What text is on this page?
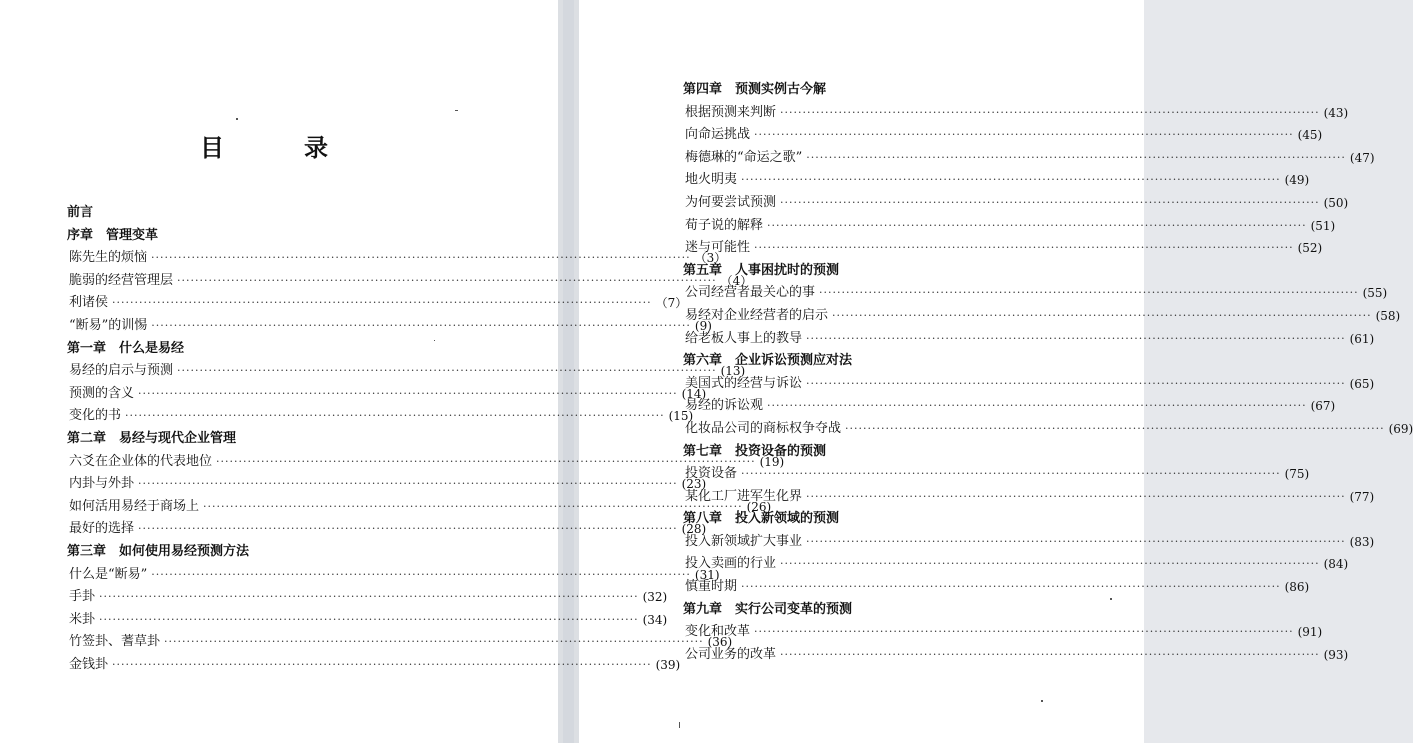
目　录
前言
序章　管理变革
陈先生的烦恼 ························································································································ （3）
脆弱的经营管理层 ························································································································ （4）
利诸侯 ························································································································ （7）
“断易”的训惕 ························································································································ (9)
第一章　什么是易经
易经的启示与预测 ························································································································ (13)
预测的含义 ························································································································ (14)
变化的书 ························································································································ (15)
第二章　易经与现代企业管理
六爻在企业体的代表地位 ························································································································ (19)
内卦与外卦 ························································································································ (23)
如何活用易经于商场上 ························································································································ (26)
最好的选择 ························································································································ (28)
第三章　如何使用易经预测方法
什么是“断易” ························································································································ (31)
手卦 ························································································································ (32)
米卦 ························································································································ (34)
竹签卦、蓍草卦 ························································································································ (36)
金钱卦 ························································································································ (39)
第四章　预测实例古今解
根据预测来判断 ························································································································ (43)
向命运挑战 ························································································································ (45)
梅德琳的“命运之歌” ························································································································ (47)
地火明夷 ························································································································ (49)
为何要尝试预测 ························································································································ (50)
荀子说的解释 ························································································································ (51)
迷与可能性 ························································································································ (52)
第五章　人事困扰时的预测
公司经营者最关心的事 ························································································································ (55)
易经对企业经营者的启示 ························································································································ (58)
给老板人事上的教导 ························································································································ (61)
第六章　企业诉讼预测应对法
美国式的经营与诉讼 ························································································································ (65)
易经的诉讼观 ························································································································ (67)
化妆品公司的商标权争夺战 ························································································································ (69)
第七章　投资设备的预测
投资设备 ························································································································ (75)
某化工厂进军生化界 ························································································································ (77)
第八章　投入新领域的预测
投入新领域扩大事业 ························································································································ (83)
投入卖画的行业 ························································································································ (84)
慎重时期 ························································································································ (86)
第九章　实行公司变革的预测
变化和改革 ························································································································ (91)
公司业务的改革 ························································································································ (93)
